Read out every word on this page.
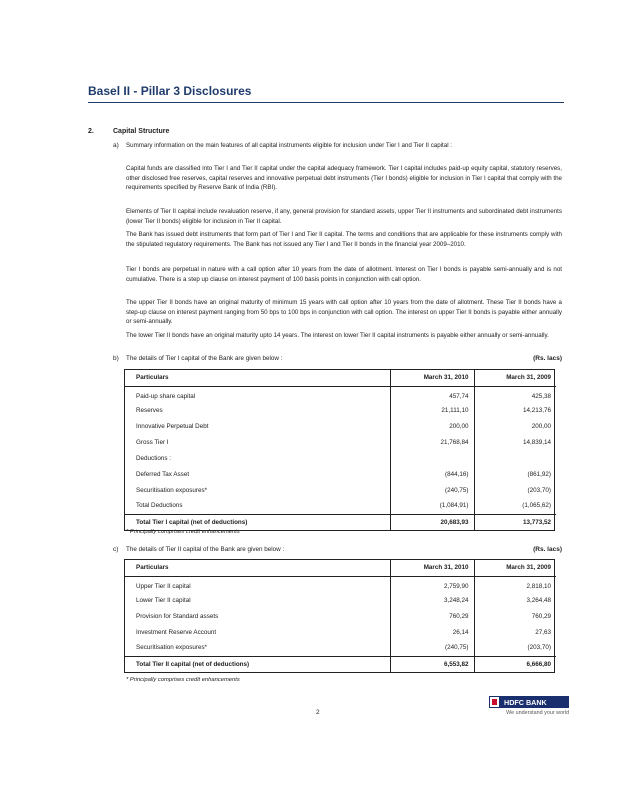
Basel II - Pillar 3 Disclosures
2.	Capital Structure
a) Summary information on the main features of all capital instruments eligible for inclusion under Tier I and Tier II capital :
Capital funds are classified into Tier I and Tier II capital under the capital adequacy framework. Tier I capital includes paid-up equity capital, statutory reserves, other disclosed free reserves, capital reserves and innovative perpetual debt instruments (Tier I bonds) eligible for inclusion in Tier I capital that comply with the requirements specified by Reserve Bank of India (RBI).
Elements of Tier II capital include revaluation reserve, if any, general provision for standard assets, upper Tier II instruments and subordinated debt instruments (lower Tier II bonds) eligible for inclusion in Tier II capital.
The Bank has issued debt instruments that form part of Tier I and Tier II capital. The terms and conditions that are applicable for these instruments comply with the stipulated regulatory requirements. The Bank has not issued any Tier I and Tier II bonds in the financial year 2009–2010.
Tier I bonds are perpetual in nature with a call option after 10 years from the date of allotment. Interest on Tier I bonds is payable semi-annually and is not cumulative. There is a step up clause on interest payment of 100 basis points in conjunction with call option.
The upper Tier II bonds have an original maturity of minimum 15 years with call option after 10 years from the date of allotment. These Tier II bonds have a step-up clause on interest payment ranging from 50 bps to 100 bps in conjunction with call option. The interest on upper Tier II bonds is payable either annually or semi-annually.
The lower Tier II bonds have an original maturity upto 14 years. The interest on lower Tier II capital instruments is payable either annually or semi-annually.
b) The details of Tier I capital of the Bank are given below :	(Rs. lacs)
Particulars	March 31, 2010	March 31, 2009
Paid-up share capital	457,74	425,38
Reserves	21,111,10	14,213,76
Innovative Perpetual Debt	200,00	200,00
Gross Tier I	21,768,84	14,839,14
Deductions :		
Deferred Tax Asset	(844,16)	(861,92)
Securitisation exposures*	(240,75)	(203,70)
Total Deductions	(1,084,91)	(1,065,62)
Total Tier I capital (net of deductions)	20,683,93	13,773,52
* Principally comprises credit enhancements
c) The details of Tier II capital of the Bank are given below :	(Rs. lacs)
Particulars	March 31, 2010	March 31, 2009
Upper Tier II capital	2,759,90	2,818,10
Lower Tier II capital	3,248,24	3,264,48
Provision for Standard assets	760,29	760,29
Investment Reserve Account	26,14	27,63
Securitisation exposures*	(240,75)	(203,70)
Total Tier II capital (net of deductions)	6,553,82	6,666,80
* Principally comprises credit enhancements
2
HDFC BANK
We understand your world
